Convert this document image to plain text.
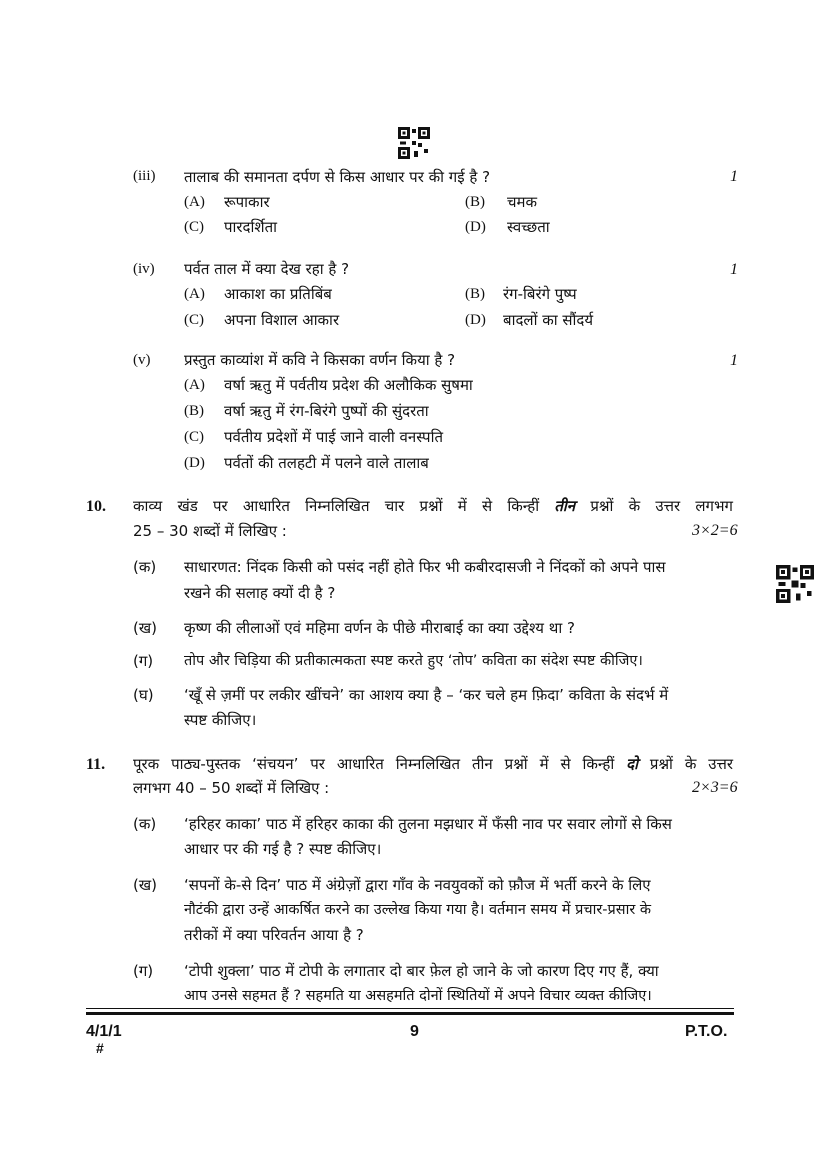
(iii) तालाब की समानता दर्पण से किस आधार पर की गई है ?	1
(A) रूपाकार	(B) चमक
(C) पारदर्शिता	(D) स्वच्छता
(iv) पर्वत ताल में क्या देख रहा है ?	1
(A) आकाश का प्रतिबिंब	(B) रंग-बिरंगे पुष्प
(C) अपना विशाल आकार	(D) बादलों का सौंदर्य
(v) प्रस्तुत काव्यांश में कवि ने किसका वर्णन किया है ?	1
(A) वर्षा ऋतु में पर्वतीय प्रदेश की अलौकिक सुषमा
(B) वर्षा ऋतु में रंग-बिरंगे पुष्पों की सुंदरता
(C) पर्वतीय प्रदेशों में पाई जाने वाली वनस्पति
(D) पर्वतों की तलहटी में पलने वाले तालाब
10. काव्य खंड पर आधारित निम्नलिखित चार प्रश्नों में से किन्हीं तीन प्रश्नों के उत्तर लगभग
25 – 30 शब्दों में लिखिए :	3×2=6
(क) साधारणत: निंदक किसी को पसंद नहीं होते फिर भी कबीरदासजी ने निंदकों को अपने पास
रखने की सलाह क्यों दी है ?
(ख) कृष्ण की लीलाओं एवं महिमा वर्णन के पीछे मीराबाई का क्या उद्देश्य था ?
(ग) तोप और चिड़िया की प्रतीकात्मकता स्पष्ट करते हुए ‘तोप’ कविता का संदेश स्पष्ट कीजिए।
(घ) ‘खूँ से ज़मीं पर लकीर खींचने’ का आशय क्या है – ‘कर चले हम फ़िदा’ कविता के संदर्भ में
स्पष्ट कीजिए।
11. पूरक पाठ्य-पुस्तक ‘संचयन’ पर आधारित निम्नलिखित तीन प्रश्नों में से किन्हीं दो प्रश्नों के उत्तर
लगभग 40 – 50 शब्दों में लिखिए :	2×3=6
(क) ‘हरिहर काका’ पाठ में हरिहर काका की तुलना मझधार में फँसी नाव पर सवार लोगों से किस
आधार पर की गई है ? स्पष्ट कीजिए।
(ख) ‘सपनों के-से दिन’ पाठ में अंग्रेज़ों द्वारा गाँव के नवयुवकों को फ़ौज में भर्ती करने के लिए
नौटंकी द्वारा उन्हें आकर्षित करने का उल्लेख किया गया है। वर्तमान समय में प्रचार-प्रसार के
तरीकों में क्या परिवर्तन आया है ?
(ग) ‘टोपी शुक्ला’ पाठ में टोपी के लगातार दो बार फ़ेल हो जाने के जो कारण दिए गए हैं, क्या
आप उनसे सहमत हैं ? सहमति या असहमति दोनों स्थितियों में अपने विचार व्यक्त कीजिए।
4/1/1
#
9	P.T.O.
